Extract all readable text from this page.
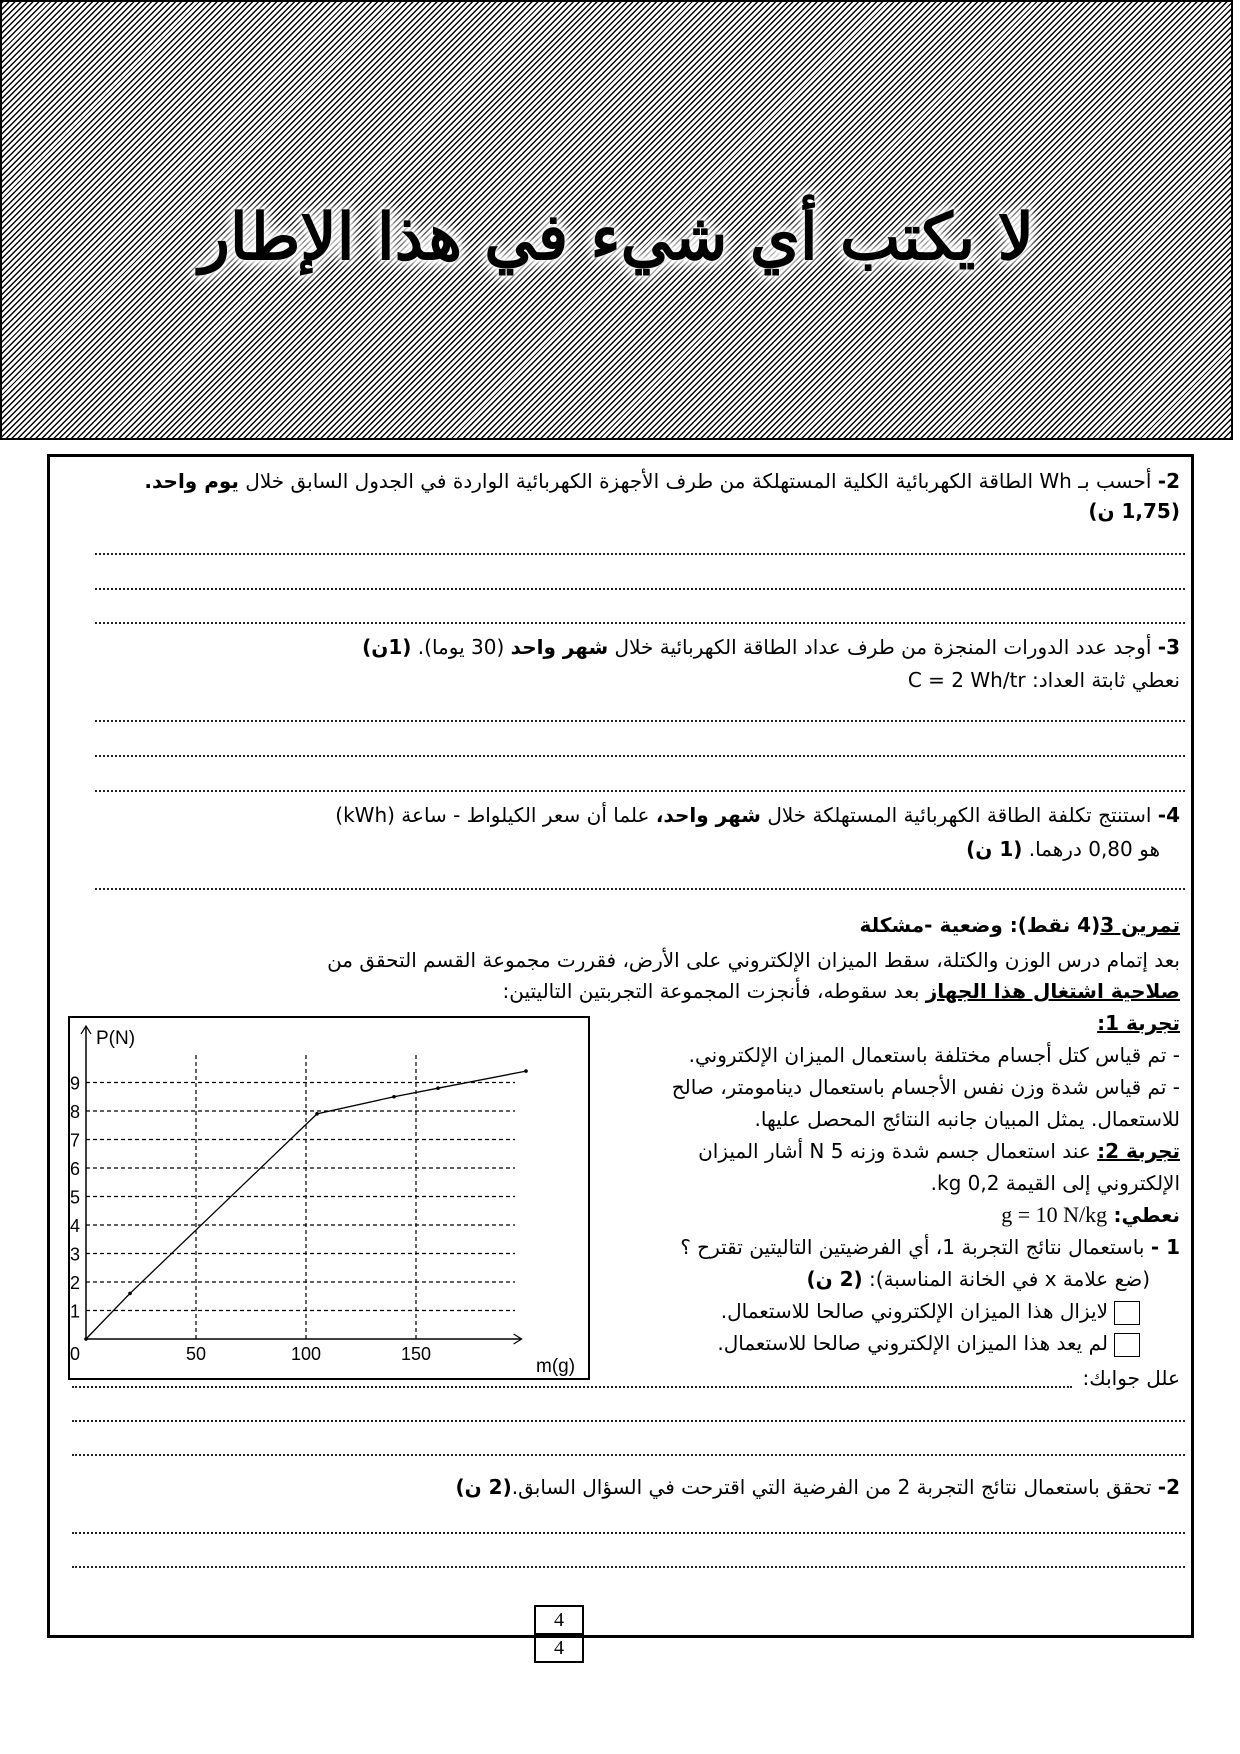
لا يكتب أي شيء في هذا الإطار
2- أحسب بـ Wh الطاقة الكهربائية الكلية المستهلكة من طرف الأجهزة الكهربائية الواردة في الجدول السابق خلال يوم واحد.(1,75 ن)
3- أوجد عدد الدورات المنجزة من طرف عداد الطاقة الكهربائية خلال شهر واحد (30 يوما). (1ن)
نعطي ثابتة العداد: C = 2 Wh/tr
4- استنتج تكلفة الطاقة الكهربائية المستهلكة خلال شهر واحد، علما أن سعر الكيلواط - ساعة (kWh)
هو 0,80 درهما. (1 ن)
تمرين 3(4 نقط): وضعية -مشكلة
بعد إتمام درس الوزن والكتلة، سقط الميزان الإلكتروني على الأرض، فقررت مجموعة القسم التحقق من
صلاحية اشتغال هذا الجهاز بعد سقوطه، فأنجزت المجموعة التجربتين التاليتين:
تجربة 1:
- تم قياس كتل أجسام مختلفة باستعمال الميزان الإلكتروني.
- تم قياس شدة وزن نفس الأجسام باستعمال دينامومتر، صالح
للاستعمال. يمثل المبيان جانبه النتائج المحصل عليها.
تجربة 2: عند استعمال جسم شدة وزنه 5 N أشار الميزان
الإلكتروني إلى القيمة 0,2 kg.
نعطي: g = 10 N/kg
1 - باستعمال نتائج التجربة 1، أي الفرضيتين التاليتين تقترح ؟
(ضع علامة x في الخانة المناسبة): (2 ن)
لايزال هذا الميزان الإلكتروني صالحا للاستعمال.
لم يعد هذا الميزان الإلكتروني صالحا للاستعمال.
علل جوابك:
2- تحقق باستعمال نتائج التجربة 2 من الفرضية التي اقترحت في السؤال السابق.(2 ن)
4
4
1
2
3
4
5
6
7
8
9
0	50	100	150
P(N)
m(g)
